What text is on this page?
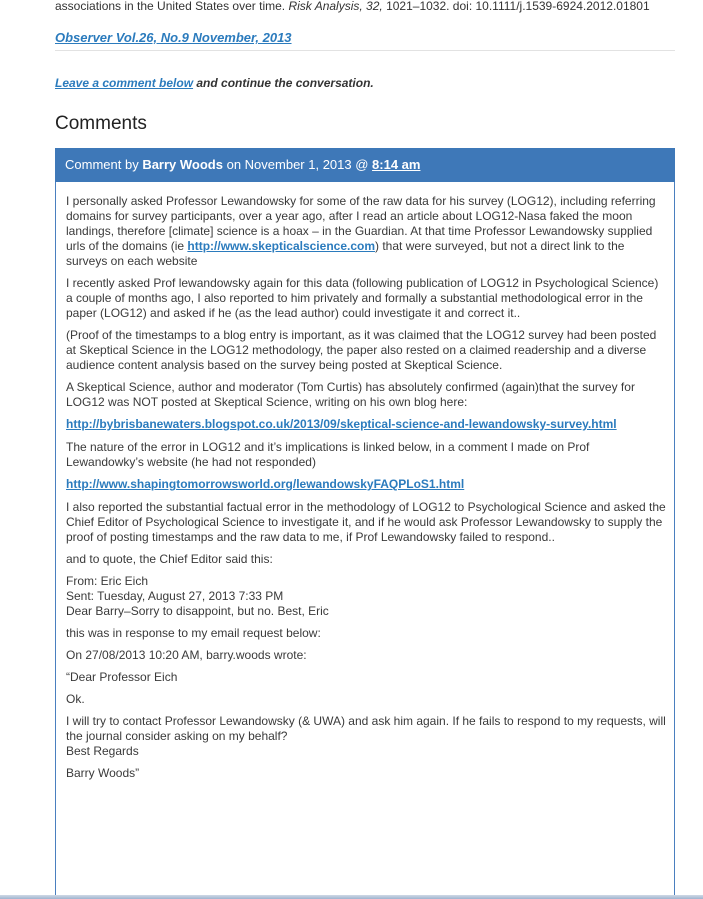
associations in the United States over time. Risk Analysis, 32, 1021–1032. doi: 10.1111/j.1539-6924.2012.01801
Observer Vol.26, No.9 November, 2013
Leave a comment below and continue the conversation.
Comments
Comment by Barry Woods on November 1, 2013 @ 8:14 am

I personally asked Professor Lewandowsky for some of the raw data for his survey (LOG12), including referring domains for survey participants, over a year ago, after I read an article about LOG12-Nasa faked the moon landings, therefore [climate] science is a hoax – in the Guardian. At that time Professor Lewandowsky supplied urls of the domains (ie http://www.skepticalscience.com) that were surveyed, but not a direct link to the surveys on each website

I recently asked Prof lewandowsky again for this data (following publication of LOG12 in Psychological Science) a couple of months ago, I also reported to him privately and formally a substantial methodological error in the paper (LOG12) and asked if he (as the lead author) could investigate it and correct it..

(Proof of the timestamps to a blog entry is important, as it was claimed that the LOG12 survey had been posted at Skeptical Science in the LOG12 methodology, the paper also rested on a claimed readership and a diverse audience content analysis based on the survey being posted at Skeptical Science.

A Skeptical Science, author and moderator (Tom Curtis) has absolutely confirmed (again)that the survey for LOG12 was NOT posted at Skeptical Science, writing on his own blog here:

http://bybrisbanewaters.blogspot.co.uk/2013/09/skeptical-science-and-lewandowsky-survey.html

The nature of the error in LOG12 and it’s implications is linked below, in a comment I made on Prof Lewandowky’s website (he had not responded)

http://www.shapingtomorrowsworld.org/lewandowskyFAQPLoS1.html

I also reported the substantial factual error in the methodology of LOG12 to Psychological Science and asked the Chief Editor of Psychological Science to investigate it, and if he would ask Professor Lewandowsky to supply the proof of posting timestamps and the raw data to me, if Prof Lewandowsky failed to respond..

and to quote, the Chief Editor said this:

From: Eric Eich
Sent: Tuesday, August 27, 2013 7:33 PM
Dear Barry–Sorry to disappoint, but no. Best, Eric

this was in response to my email request below:

On 27/08/2013 10:20 AM, barry.woods wrote:

“Dear Professor Eich

Ok.

I will try to contact Professor Lewandowsky (& UWA) and ask him again. If he fails to respond to my requests, will the journal consider asking on my behalf?
Best Regards

Barry Woods”
